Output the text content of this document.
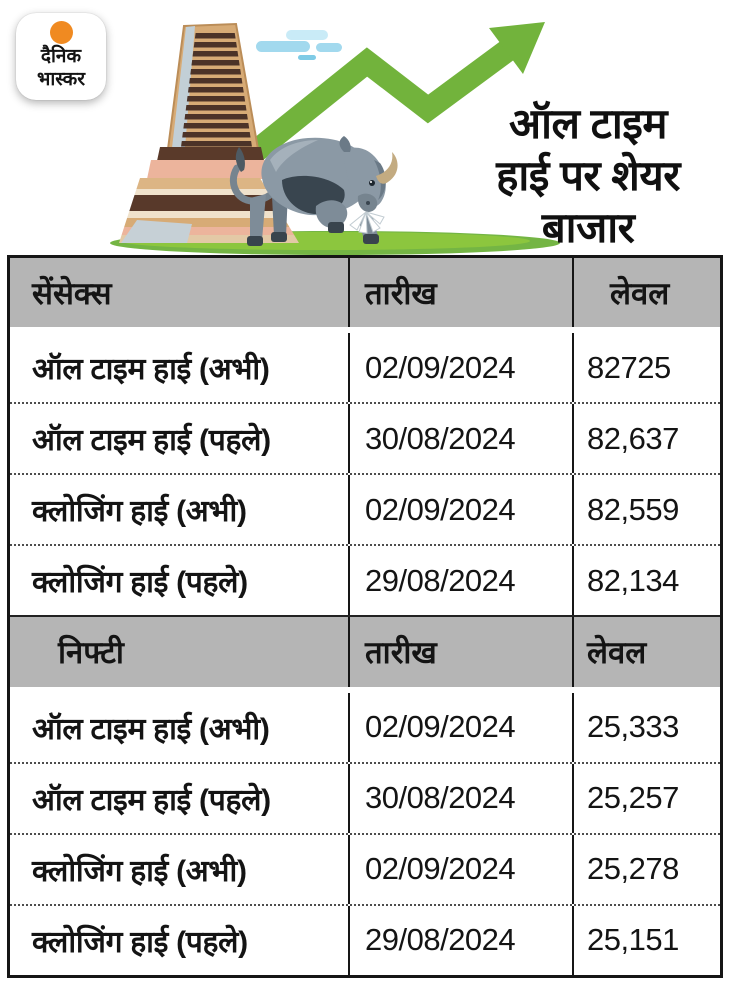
दैनिक
भास्कर
ऑल टाइम
हाई पर शेयर
बाजार
सेंसेक्स	तारीख	लेवल
ऑल टाइम हाई (अभी)	02/09/2024	82725
ऑल टाइम हाई (पहले)	30/08/2024	82,637
क्लोजिंग हाई (अभी)	02/09/2024	82,559
क्लोजिंग हाई (पहले)	29/08/2024	82,134
निफ्टी	तारीख	लेवल
ऑल टाइम हाई (अभी)	02/09/2024	25,333
ऑल टाइम हाई (पहले)	30/08/2024	25,257
क्लोजिंग हाई (अभी)	02/09/2024	25,278
क्लोजिंग हाई (पहले)	29/08/2024	25,151
